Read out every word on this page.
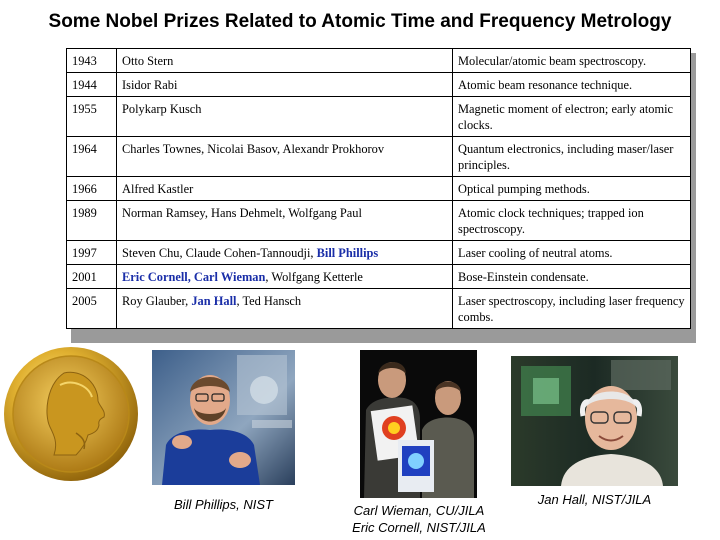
Some Nobel Prizes Related to Atomic Time and Frequency Metrology
1943	Otto Stern	Molecular/atomic beam spectroscopy.
1944	Isidor Rabi	Atomic beam resonance technique.
1955	Polykarp Kusch	Magnetic moment of electron; early atomic clocks.
1964	Charles Townes, Nicolai Basov, Alexandr Prokhorov	Quantum electronics, including maser/laser principles.
1966	Alfred Kastler	Optical pumping methods.
1989	Norman Ramsey, Hans Dehmelt, Wolfgang Paul	Atomic clock techniques; trapped ion spectroscopy.
1997	Steven Chu, Claude Cohen-Tannoudji, Bill Phillips	Laser cooling of neutral atoms.
2001	Eric Cornell, Carl Wieman, Wolfgang Ketterle	Bose-Einstein condensate.
2005	Roy Glauber, Jan Hall, Ted Hansch	Laser spectroscopy, including laser frequency combs.
Bill Phillips, NIST	Carl Wieman, CU/JILA
Eric Cornell, NIST/JILA
Jan Hall, NIST/JILA
